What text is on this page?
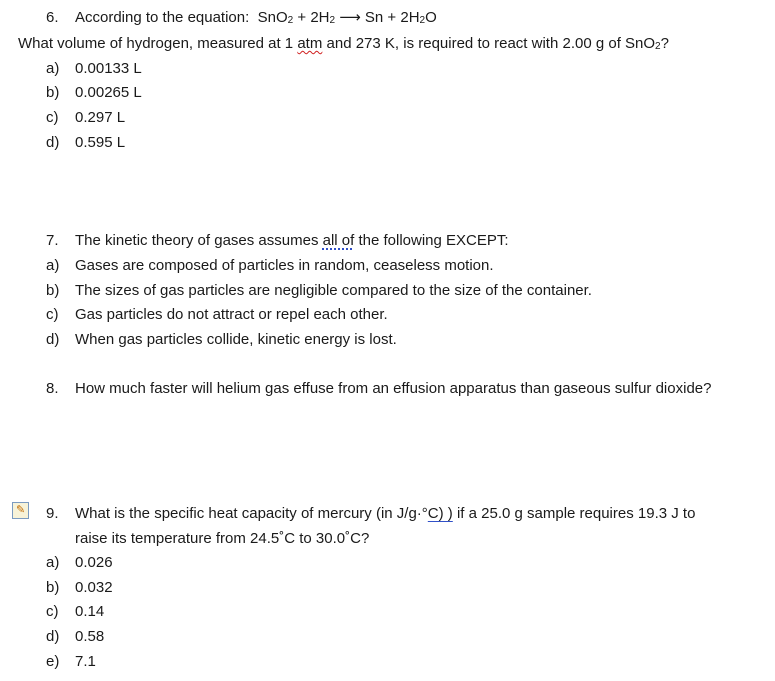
6. According to the equation: $SnO_2 + 2H_2$ ⟶ $Sn + 2H_2O$
What volume of hydrogen, measured at 1 atm and 273 K, is required to react with 2.00 g of SnO$_2$?
a) 0.00133 L
b) 0.00265 L
c) 0.297 L
d) 0.595 L
7. The kinetic theory of gases assumes all of the following EXCEPT:
a) Gases are composed of particles in random, ceaseless motion.
b) The sizes of gas particles are negligible compared to the size of the container.
c) Gas particles do not attract or repel each other.
d) When gas particles collide, kinetic energy is lost.
8. How much faster will helium gas effuse from an effusion apparatus than gaseous sulfur dioxide?
✎ 9. What is the specific heat capacity of mercury (in J/g·°C) ) if a 25.0 g sample requires 19.3 J to
raise its temperature from 24.5˚C to 30.0˚C?
a) 0.026
b) 0.032
c) 0.14
d) 0.58
e) 7.1
